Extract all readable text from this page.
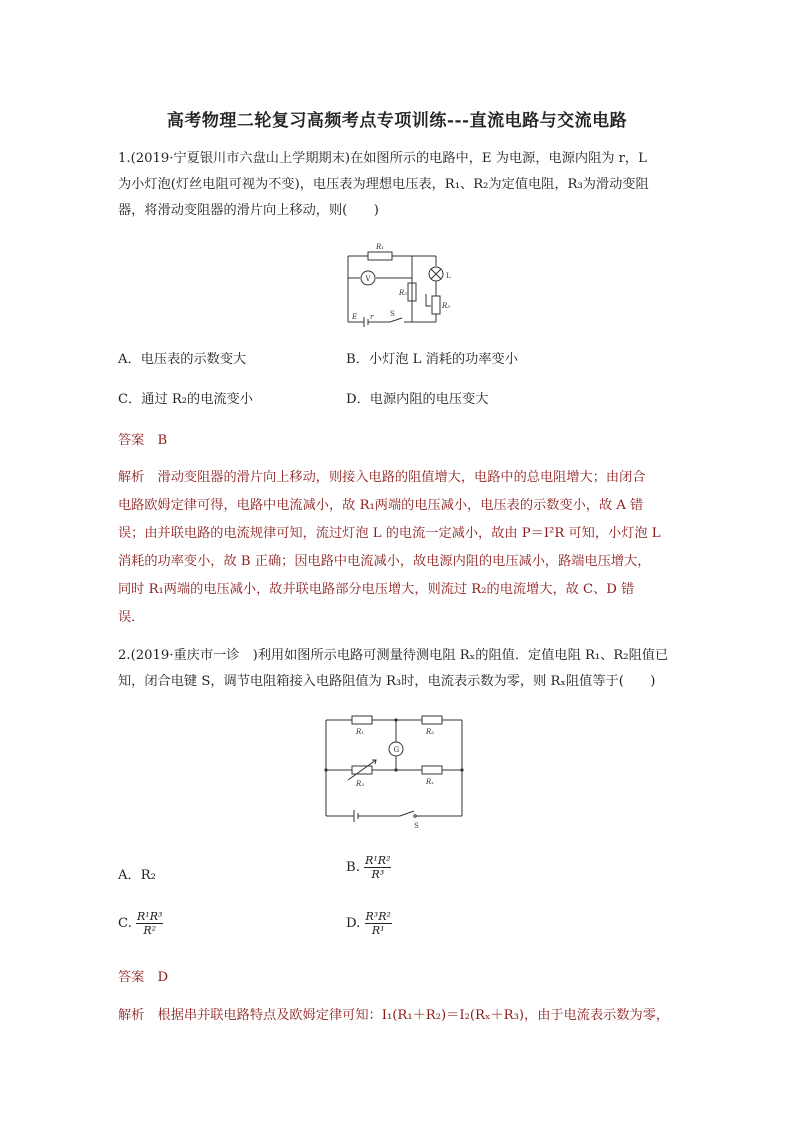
高考物理二轮复习高频考点专项训练---直流电路与交流电路
1.(2019·宁夏银川市六盘山上学期期末)在如图所示的电路中，E 为电源，电源内阻为 r，L
为小灯泡(灯丝电阻可视为不变)，电压表为理想电压表，R₁、R₂为定值电阻，R₃为滑动变阻
器，将滑动变阻器的滑片向上移动，则(　　)
R₁
V
R₂
L
R₃
E r S
A．电压表的示数变大	B．小灯泡 L 消耗的功率变小
C．通过 R₂的电流变小	D．电源内阻的电压变大
答案　B
解析　滑动变阻器的滑片向上移动，则接入电路的阻值增大，电路中的总电阻增大；由闭合
电路欧姆定律可得，电路中电流减小，故 R₁两端的电压减小，电压表的示数变小，故 A 错
误；由并联电路的电流规律可知，流过灯泡 L 的电流一定减小，故由 P＝I²R 可知，小灯泡 L
消耗的功率变小，故 B 正确；因电路中电流减小，故电源内阻的电压减小，路端电压增大，
同时 R₁两端的电压减小，故并联电路部分电压增大，则流过 R₂的电流增大，故 C、D 错
误．
2.(2019·重庆市一诊　)利用如图所示电路可测量待测电阻 Rₓ的阻值．定值电阻 R₁、R₂阻值已
知，闭合电键 S，调节电阻箱接入电路阻值为 R₃时，电流表示数为零，则 Rₓ阻值等于(　　)
R₁	R₂
G
R₃	Rₓ
S
A．R₂
B. $\frac{\text{R¹R²}}{\text{R³}}$
C. $\frac{\text{R¹R³}}{\text{R²}}$	D. $\frac{\text{R³R²}}{\text{R¹}}$
答案　D
解析　根据串并联电路特点及欧姆定律可知：I₁(R₁＋R₂)＝I₂(Rₓ＋R₃)，由于电流表示数为零，
